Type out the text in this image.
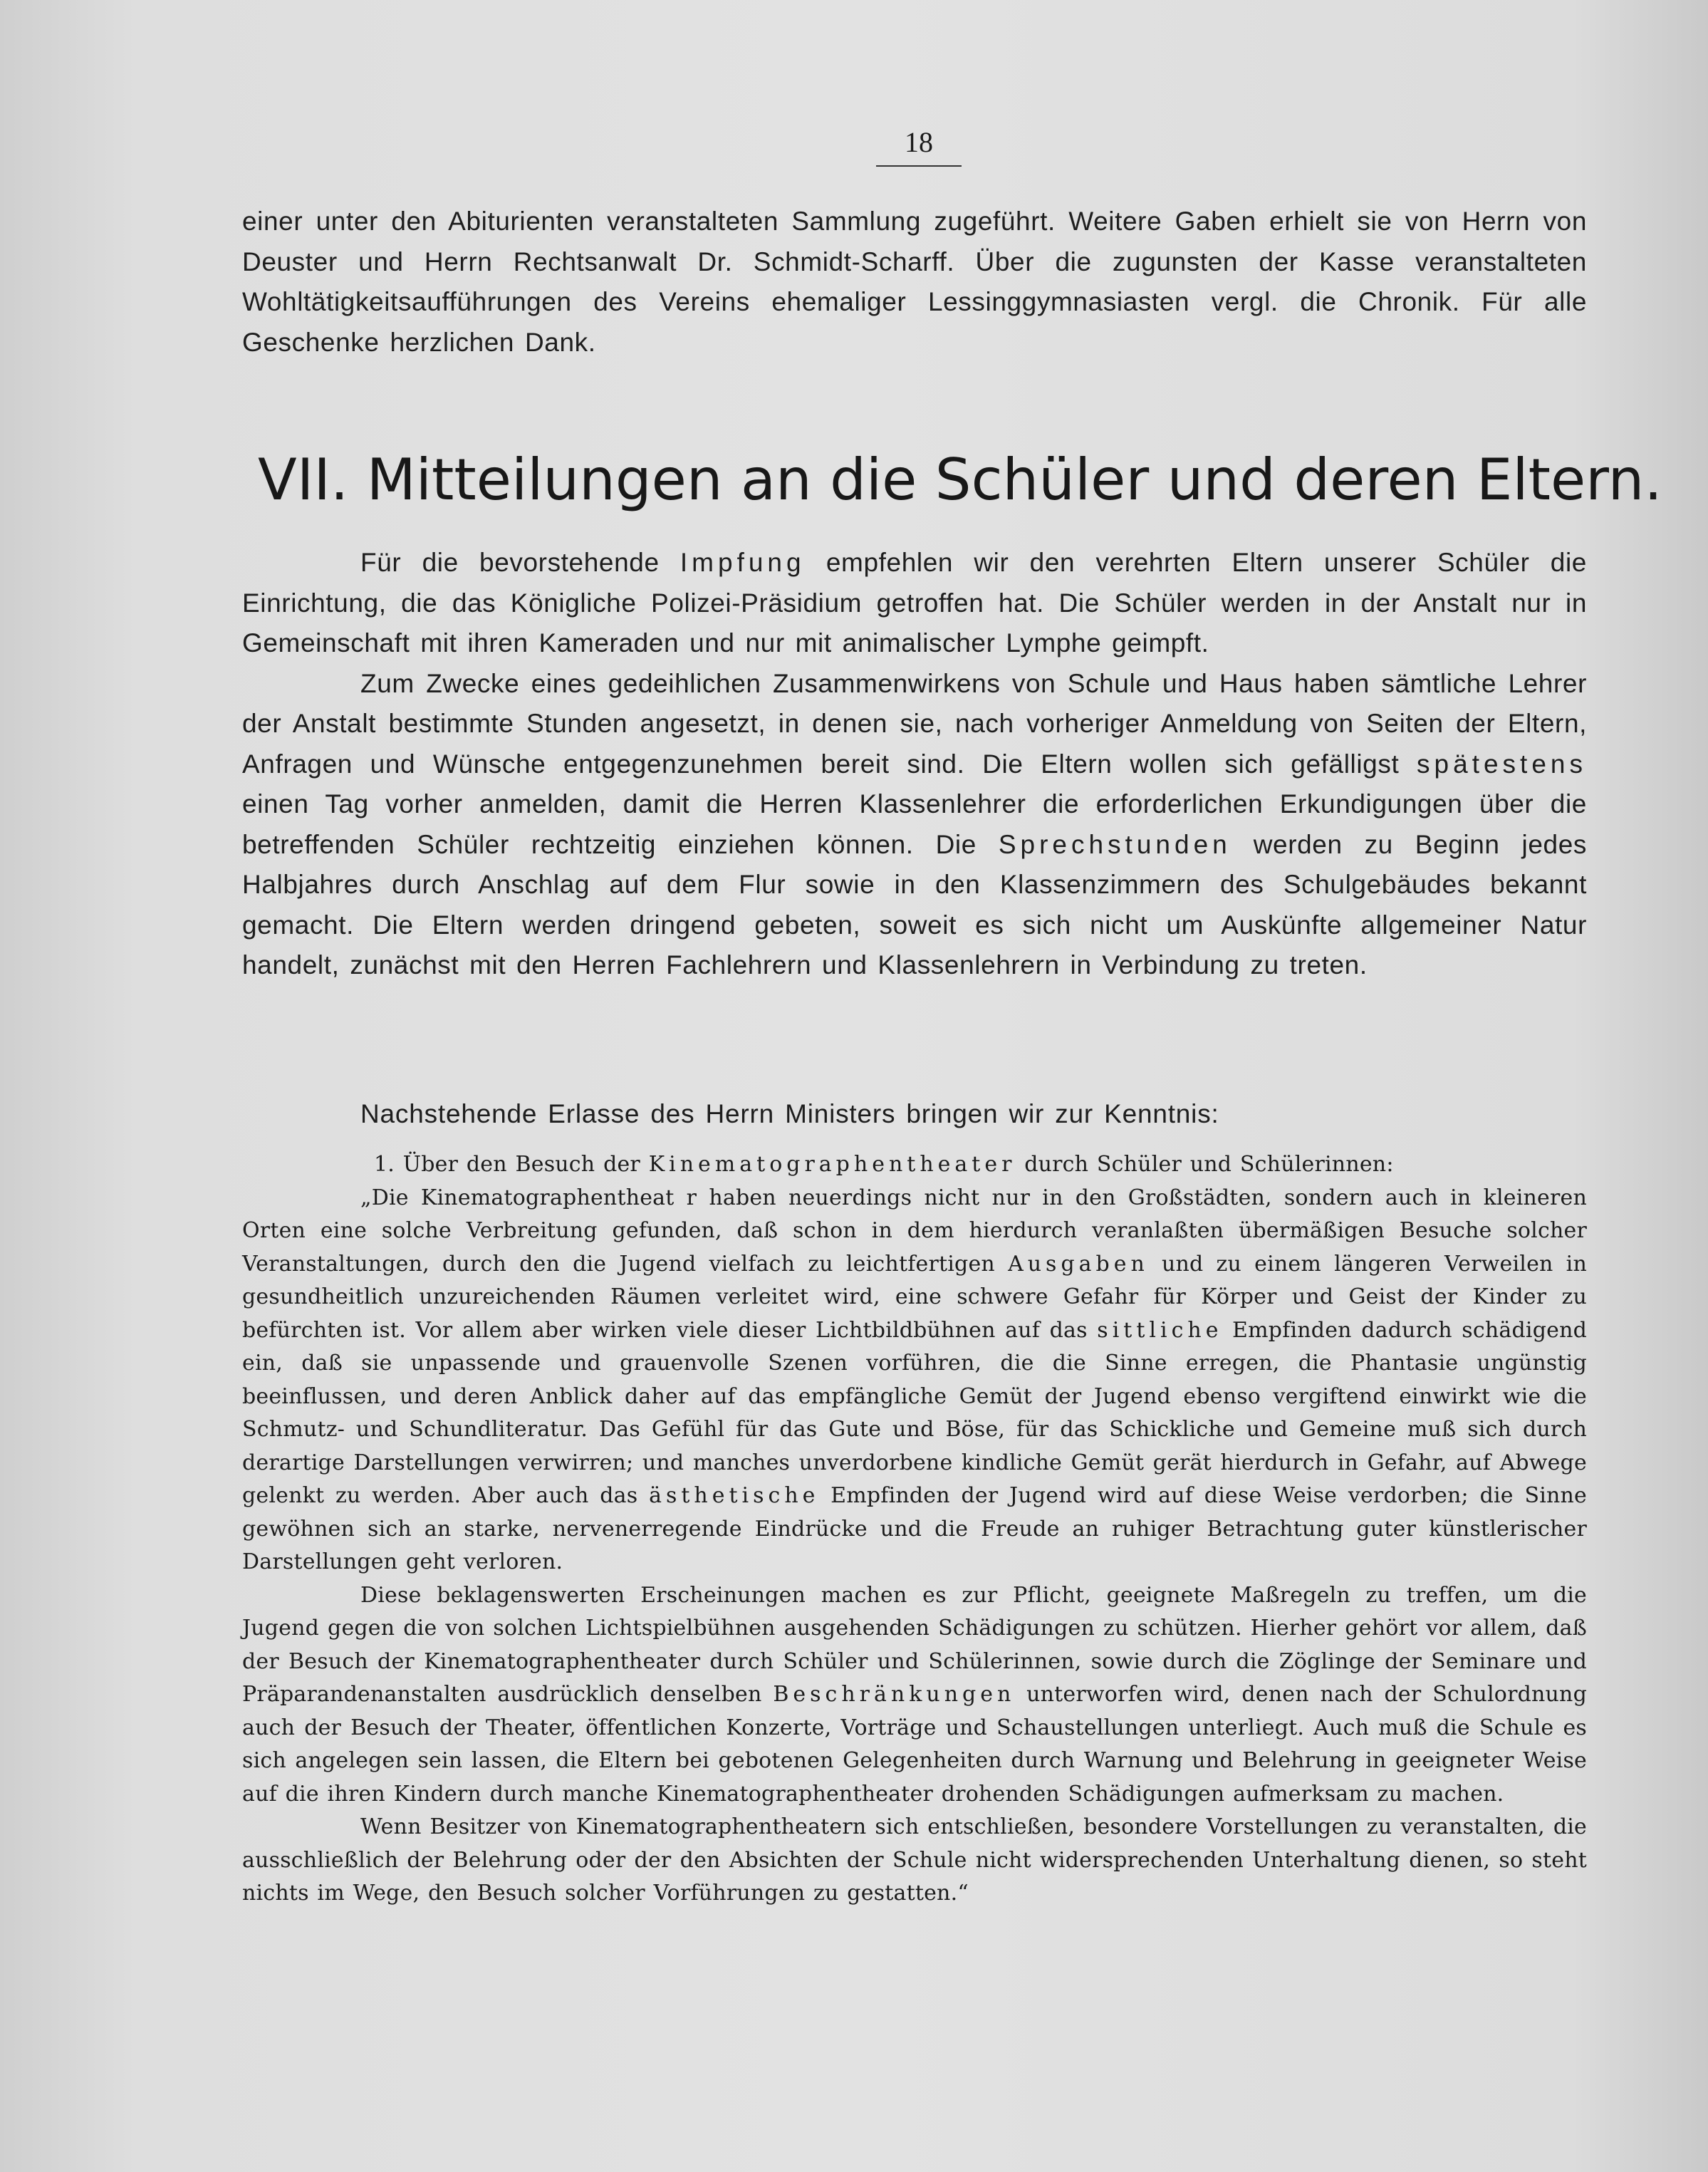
18

einer unter den Abiturienten veranstalteten Sammlung zugeführt. Weitere Gaben erhielt sie von Herrn von Deuster und Herrn Rechtsanwalt Dr. Schmidt-Scharff. Über die zugunsten der Kasse veranstalteten Wohltätigkeitsaufführungen des Vereins ehemaliger Lessinggymnasiasten vergl. die Chronik. Für alle Geschenke herzlichen Dank.

VII. Mitteilungen an die Schüler und deren Eltern.

Für die bevorstehende Impfung empfehlen wir den verehrten Eltern unserer Schüler die Einrichtung, die das Königliche Polizei-Präsidium getroffen hat. Die Schüler werden in der Anstalt nur in Gemeinschaft mit ihren Kameraden und nur mit animalischer Lymphe geimpft.

Zum Zwecke eines gedeihlichen Zusammenwirkens von Schule und Haus haben sämtliche Lehrer der Anstalt bestimmte Stunden angesetzt, in denen sie, nach vorheriger Anmeldung von Seiten der Eltern, Anfragen und Wünsche entgegenzunehmen bereit sind. Die Eltern wollen sich gefälligst spätestens einen Tag vorher anmelden, damit die Herren Klassenlehrer die erforderlichen Erkundigungen über die betreffenden Schüler rechtzeitig einziehen können. Die Sprechstunden werden zu Beginn jedes Halbjahres durch Anschlag auf dem Flur sowie in den Klassenzimmern des Schulgebäudes bekannt gemacht. Die Eltern werden dringend gebeten, soweit es sich nicht um Auskünfte allgemeiner Natur handelt, zunächst mit den Herren Fachlehrern und Klassenlehrern in Verbindung zu treten.

Nachstehende Erlasse des Herrn Ministers bringen wir zur Kenntnis:

1. Über den Besuch der Kinematographentheater durch Schüler und Schülerinnen:

„Die Kinematographentheat r haben neuerdings nicht nur in den Großstädten, sondern auch in kleineren Orten eine solche Verbreitung gefunden, daß schon in dem hierdurch veranlaßten übermäßigen Besuche solcher Veranstaltungen, durch den die Jugend vielfach zu leichtfertigen Ausgaben und zu einem längeren Verweilen in gesundheitlich unzureichenden Räumen verleitet wird, eine schwere Gefahr für Körper und Geist der Kinder zu befürchten ist. Vor allem aber wirken viele dieser Lichtbildbühnen auf das sittliche Empfinden dadurch schädigend ein, daß sie unpassende und grauenvolle Szenen vorführen, die die Sinne erregen, die Phantasie ungünstig beeinflussen, und deren Anblick daher auf das empfängliche Gemüt der Jugend ebenso vergiftend einwirkt wie die Schmutz- und Schundliteratur. Das Gefühl für das Gute und Böse, für das Schickliche und Gemeine muß sich durch derartige Darstellungen verwirren; und manches unverdorbene kindliche Gemüt gerät hierdurch in Gefahr, auf Abwege gelenkt zu werden. Aber auch das ästhetische Empfinden der Jugend wird auf diese Weise verdorben; die Sinne gewöhnen sich an starke, nervenerregende Eindrücke und die Freude an ruhiger Betrachtung guter künstlerischer Darstellungen geht verloren.

Diese beklagenswerten Erscheinungen machen es zur Pflicht, geeignete Maßregeln zu treffen, um die Jugend gegen die von solchen Lichtspielbühnen ausgehenden Schädigungen zu schützen. Hierher gehört vor allem, daß der Besuch der Kinematographentheater durch Schüler und Schülerinnen, sowie durch die Zöglinge der Seminare und Präparandenanstalten ausdrücklich denselben Beschränkungen unterworfen wird, denen nach der Schulordnung auch der Besuch der Theater, öffentlichen Konzerte, Vorträge und Schaustellungen unterliegt. Auch muß die Schule es sich angelegen sein lassen, die Eltern bei gebotenen Gelegenheiten durch Warnung und Belehrung in geeigneter Weise auf die ihren Kindern durch manche Kinematographentheater drohenden Schädigungen aufmerksam zu machen.

Wenn Besitzer von Kinematographentheatern sich entschließen, besondere Vorstellungen zu veranstalten, die ausschließlich der Belehrung oder der den Absichten der Schule nicht widersprechenden Unterhaltung dienen, so steht nichts im Wege, den Besuch solcher Vorführungen zu gestatten.“
